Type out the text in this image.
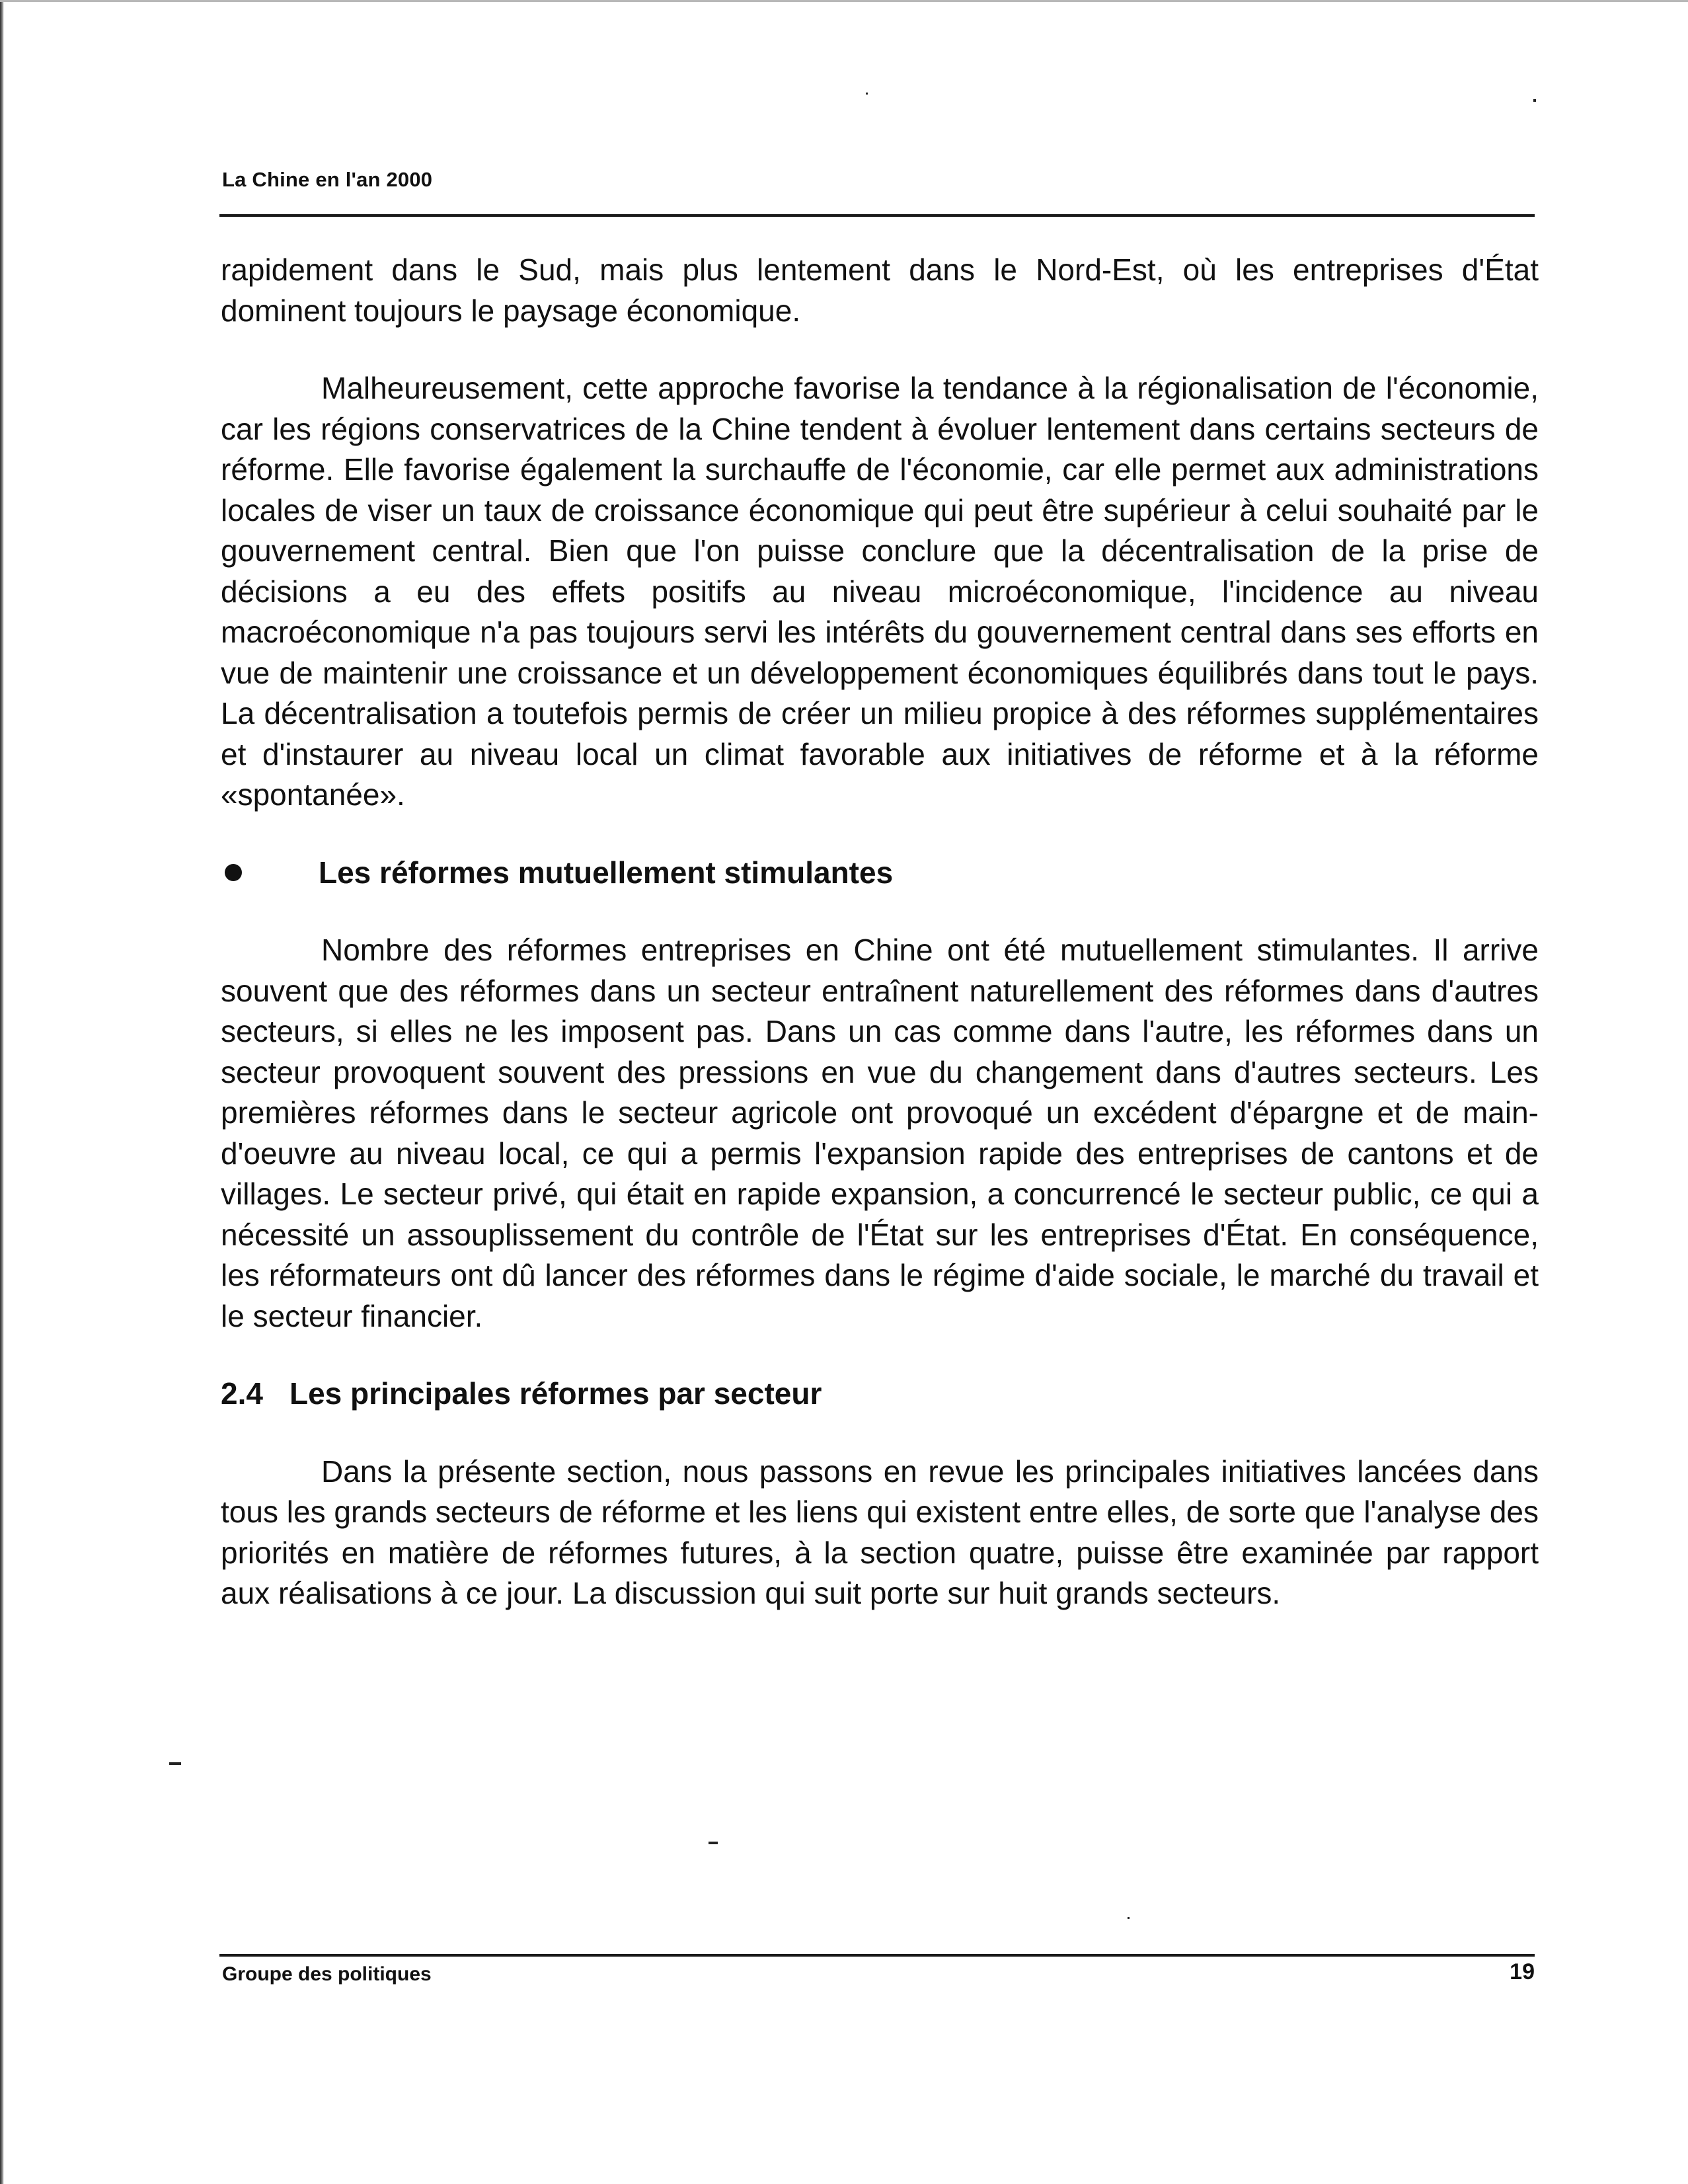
La Chine en l'an 2000

rapidement dans le Sud, mais plus lentement dans le Nord-Est, où les entreprises d'État dominent toujours le paysage économique.

Malheureusement, cette approche favorise la tendance à la régionalisation de l'économie, car les régions conservatrices de la Chine tendent à évoluer lentement dans certains secteurs de réforme. Elle favorise également la surchauffe de l'économie, car elle permet aux administrations locales de viser un taux de croissance économique qui peut être supérieur à celui souhaité par le gouvernement central. Bien que l'on puisse conclure que la décentralisation de la prise de décisions a eu des effets positifs au niveau microéconomique, l'incidence au niveau macroéconomique n'a pas toujours servi les intérêts du gouvernement central dans ses efforts en vue de maintenir une croissance et un développement économiques équilibrés dans tout le pays. La décentralisation a toutefois permis de créer un milieu propice à des réformes supplémentaires et d'instaurer au niveau local un climat favorable aux initiatives de réforme et à la réforme «spontanée».

Les réformes mutuellement stimulantes

Nombre des réformes entreprises en Chine ont été mutuellement stimulantes. Il arrive souvent que des réformes dans un secteur entraînent naturellement des réformes dans d'autres secteurs, si elles ne les imposent pas. Dans un cas comme dans l'autre, les réformes dans un secteur provoquent souvent des pressions en vue du changement dans d'autres secteurs. Les premières réformes dans le secteur agricole ont provoqué un excédent d'épargne et de main-d'oeuvre au niveau local, ce qui a permis l'expansion rapide des entreprises de cantons et de villages. Le secteur privé, qui était en rapide expansion, a concurrencé le secteur public, ce qui a nécessité un assouplissement du contrôle de l'État sur les entreprises d'État. En conséquence, les réformateurs ont dû lancer des réformes dans le régime d'aide sociale, le marché du travail et le secteur financier.

2.4 Les principales réformes par secteur

Dans la présente section, nous passons en revue les principales initiatives lancées dans tous les grands secteurs de réforme et les liens qui existent entre elles, de sorte que l'analyse des priorités en matière de réformes futures, à la section quatre, puisse être examinée par rapport aux réalisations à ce jour. La discussion qui suit porte sur huit grands secteurs.

Groupe des politiques	19
